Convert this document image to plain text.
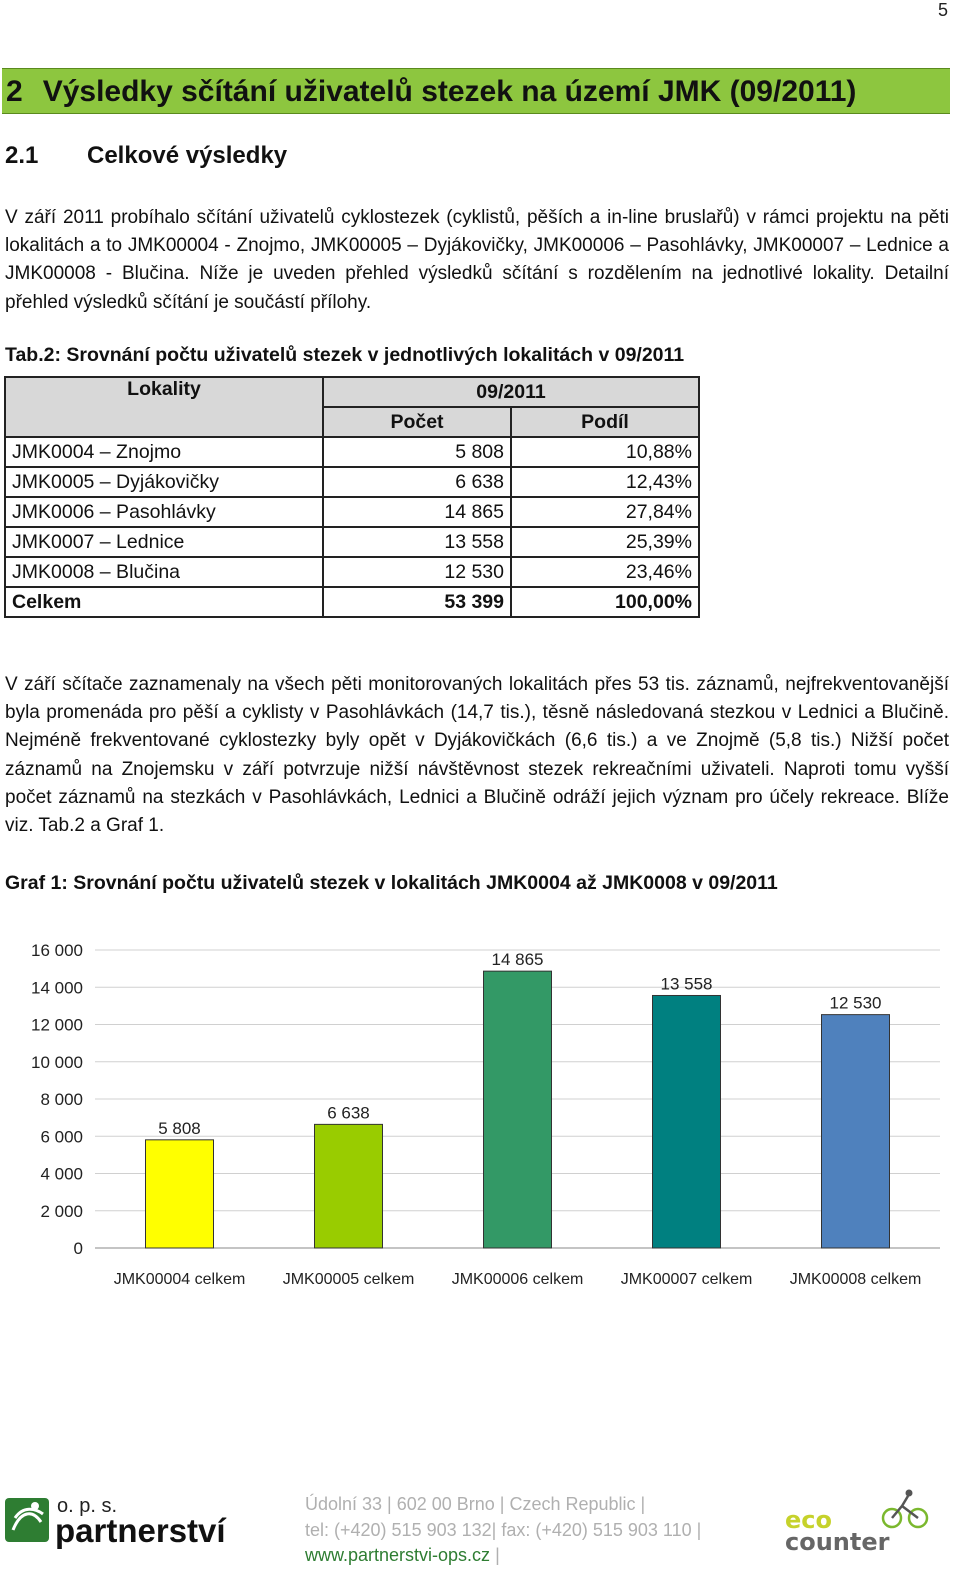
5
2 Výsledky sčítání uživatelů stezek na území JMK (09/2011)
2.1 Celkové výsledky
V září 2011 probíhalo sčítání uživatelů cyklostezek (cyklistů, pěších a in-line bruslařů) v rámci projektu na pěti lokalitách a to JMK00004 - Znojmo, JMK00005 – Dyjákovičky, JMK00006 – Pasohlávky, JMK00007 – Lednice a JMK00008 - Blučina. Níže je uveden přehled výsledků sčítání s rozdělením na jednotlivé lokality. Detailní přehled výsledků sčítání je součástí přílohy.
Tab.2: Srovnání počtu uživatelů stezek v jednotlivých lokalitách v 09/2011
Lokality	09/2011	
	Počet	Podíl
JMK0004 – Znojmo	5 808	10,88%
JMK0005 – Dyjákovičky	6 638	12,43%
JMK0006 – Pasohlávky	14 865	27,84%
JMK0007 – Lednice	13 558	25,39%
JMK0008 – Blučina	12 530	23,46%
Celkem	53 399	100,00%
V září sčítače zaznamenaly na všech pěti monitorovaných lokalitách přes 53 tis. záznamů, nejfrekventovanější byla promenáda pro pěší a cyklisty v Pasohlávkách (14,7 tis.), těsně následovaná stezkou v Lednici a Blučině. Nejméně frekventované cyklostezky byly opět v Dyjákovičkách (6,6 tis.) a ve Znojmě (5,8 tis.) Nižší počet záznamů na Znojemsku v září potvrzuje nižší návštěvnost stezek rekreačními uživateli. Naproti tomu vyšší počet záznamů na stezkách v Pasohlávkách, Lednici a Blučině odráží jejich význam pro účely rekreace. Blíže viz. Tab.2 a Graf 1.
Graf 1: Srovnání počtu uživatelů stezek v lokalitách JMK0004 až JMK0008 v 09/2011
0
2 000
4 000
6 000
8 000
10 000
12 000
14 000
16 000
5 808
JMK00004 celkem
6 638
JMK00005 celkem
14 865
JMK00006 celkem
13 558
JMK00007 celkem
12 530
JMK00008 celkem
o. p. s.
partnerství
Údolní 33 | 602 00 Brno | Czech Republic |
tel: (+420) 515 903 132| fax: (+420) 515 903 110 |
www.partnerstvi-ops.cz |
eco
counter
